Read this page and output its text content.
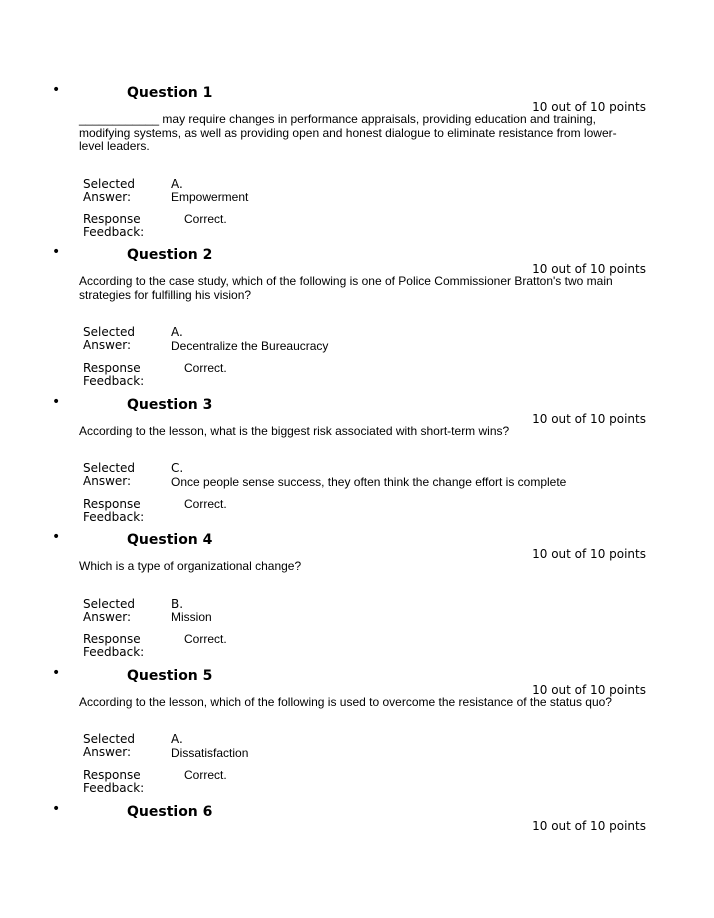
•	Question 1
10 out of 10 points
____________ may require changes in performance appraisals, providing education and training, modifying systems, as well as providing open and honest dialogue to eliminate resistance from lower-level leaders.
Selected Answer:
A.
Empowerment
Response Feedback:
Correct.
•	Question 2
10 out of 10 points
According to the case study, which of the following is one of Police Commissioner Bratton's two main strategies for fulfilling his vision?
Selected Answer:
A.
Decentralize the Bureaucracy
Response Feedback:
Correct.
•	Question 3
10 out of 10 points
According to the lesson, what is the biggest risk associated with short-term wins?
Selected Answer:
C.
Once people sense success, they often think the change effort is complete
Response Feedback:
Correct.
•	Question 4
10 out of 10 points
Which is a type of organizational change?
Selected Answer:
B.
Mission
Response Feedback:
Correct.
•	Question 5
10 out of 10 points
According to the lesson, which of the following is used to overcome the resistance of the status quo?
Selected Answer:
A.
Dissatisfaction
Response Feedback:
Correct.
•	Question 6
10 out of 10 points
